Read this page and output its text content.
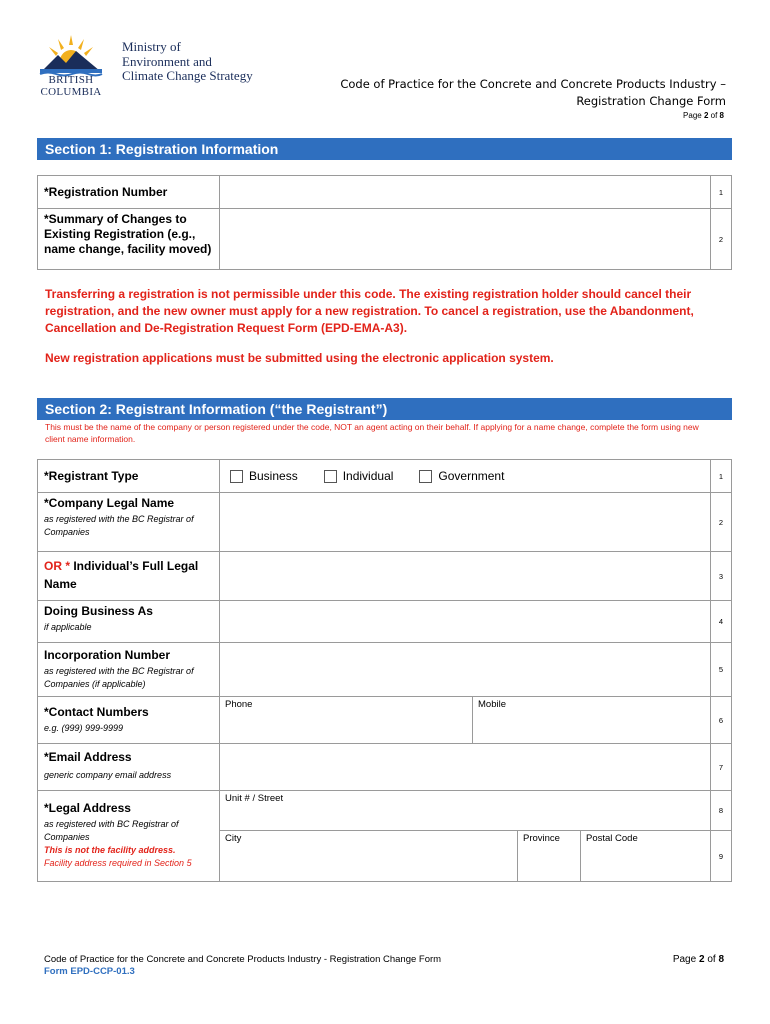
BRITISH
COLUMBIA
Ministry of
Environment and
Climate Change Strategy
Code of Practice for the Concrete and Concrete Products Industry –
Registration Change Form
Page 2 of 8
Section 1: Registration Information
*Registration Number	1
*Summary of Changes to Existing Registration (e.g., name change, facility moved)
2
Transferring a registration is not permissible under this code. The existing registration holder should cancel their registration, and the new owner must apply for a new registration. To cancel a registration, use the Abandonment, Cancellation and De-Registration Request Form (EPD-EMA-A3).
New registration applications must be submitted using the electronic application system.
Section 2: Registrant Information (“the Registrant”)
This must be the name of the company or person registered under the code, NOT an agent acting on their behalf. If applying for a name change, complete the form using new client name information.
*Registrant Type	Business	Individual	Government	1
*Company Legal Name
as registered with the BC Registrar of Companies
2
OR * Individual’s Full Legal Name
3
Doing Business As
if applicable
4
Incorporation Number
as registered with the BC Registrar of Companies (if applicable)
5
*Contact Numbers
e.g. (999) 999-9999
Phone	Mobile
6
*Email Address
generic company email address
7
*Legal Address
as registered with BC Registrar of Companies
This is not the facility address.
Facility address required in Section 5
Unit # / Street
City	Province	Postal Code
8
9
Code of Practice for the Concrete and Concrete Products Industry - Registration Change Form
Form EPD-CCP-01.3
Page 2 of 8
